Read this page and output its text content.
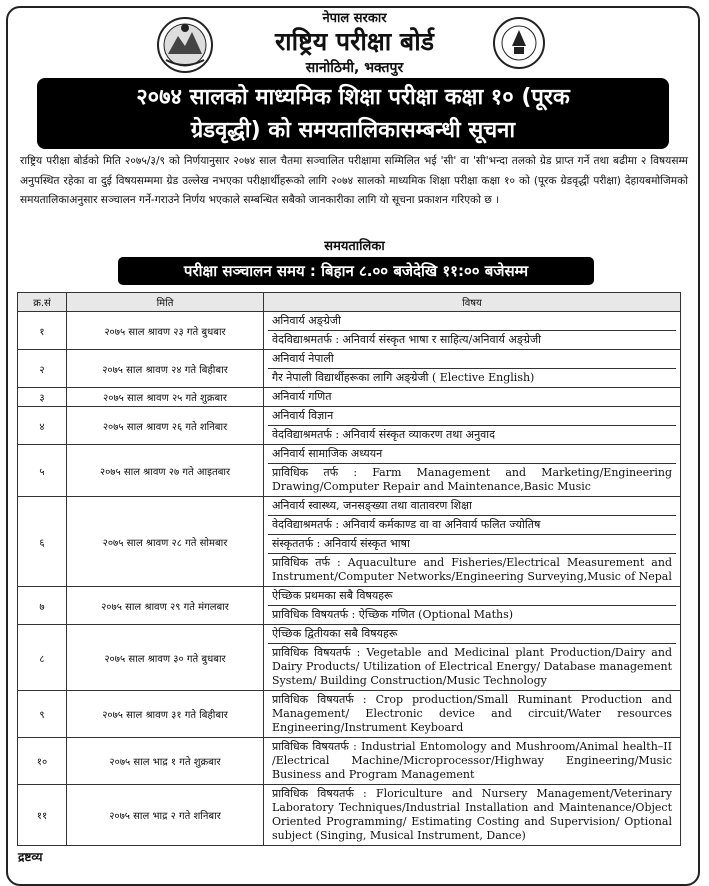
नेपाल सरकार
राष्ट्रिय परीक्षा बोर्ड
सानोठिमी, भक्तपुर
२०७४ सालको माध्यमिक शिक्षा परीक्षा कक्षा १० (पूरक
ग्रेडवृद्धी) को समयतालिकासम्बन्धी सूचना
राष्ट्रिय परीक्षा बोर्डको मिति २०७५/३/९ को निर्णयानुसार २०७४ साल चैतमा सञ्चालित परीक्षामा सम्मिलित भई 'सी' वा 'सी'भन्दा तलको ग्रेड प्राप्त गर्ने तथा बढीमा २ विषयसम्म अनुपस्थित रहेका वा दुई विषयसम्ममा ग्रेड उल्लेख नभएका परीक्षार्थीहरूको लागि २०७४ सालको माध्यमिक शिक्षा परीक्षा कक्षा १० को (पूरक ग्रेडवृद्धी परीक्षा) देहायबमोजिमको समयतालिकाअनुसार सञ्चालन गर्ने-गराउने निर्णय भएकाले सम्बन्धित सबैको जानकारीका लागि यो सूचना प्रकाशन गरिएको छ ।
समयतालिका
परीक्षा सञ्चालन समय : बिहान ८.०० बजेदेखि ११:०० बजेसम्म
क्र.सं	मिति	विषय
१	२०७५ साल श्रावण २३ गते बुधबार	अनिवार्य अङ्ग्रेजी
वेदविद्याश्रमतर्फ : अनिवार्य संस्कृत भाषा र साहित्य/अनिवार्य अङ्ग्रेजी

२	२०७५ साल श्रावण २४ गते बिहीबार	अनिवार्य नेपाली
गैर नेपाली विद्यार्थीहरूका लागि अङ्ग्रेजी ( Elective English)

३	२०७५ साल श्रावण २५ गते शुक्रबार	अनिवार्य गणित

४	२०७५ साल श्रावण २६ गते शनिबार	अनिवार्य विज्ञान
वेदविद्याश्रमतर्फ : अनिवार्य संस्कृत व्याकरण तथा अनुवाद

५	२०७५ साल श्रावण २७ गते आइतबार	अनिवार्य सामाजिक अध्ययन
प्राविधिक तर्फ : Farm Management and Marketing/Engineering Drawing/Computer Repair and Maintenance,Basic Music

६	२०७५ साल श्रावण २८ गते सोमबार	अनिवार्य स्वास्थ्य, जनसङ्ख्या तथा वातावरण शिक्षा
वेदविद्याश्रमतर्फ : अनिवार्य कर्मकाण्ड वा वा अनिवार्य फलित ज्योतिष
संस्कृततर्फ : अनिवार्य संस्कृत भाषा
प्राविधिक तर्फ : Aquaculture and Fisheries/Electrical Measurement and Instrument/Computer Networks/Engineering Surveying,Music of Nepal

७	२०७५ साल श्रावण २९ गते मंगलबार	ऐच्छिक प्रथमका सबै विषयहरू
प्राविधिक विषयतर्फ : ऐच्छिक गणित (Optional Maths)

८	२०७५ साल श्रावण ३० गते बुधबार	ऐच्छिक द्वितीयका सबै विषयहरू
प्राविधिक विषयतर्फ : Vegetable and Medicinal plant Production/Dairy and Dairy Products/ Utilization of Electrical Energy/ Database management System/ Building Construction/Music Technology

९	२०७५ साल श्रावण ३१ गते बिहीबार	प्राविधिक विषयतर्फ : Crop production/Small Ruminant Production and Management/ Electronic device and circuit/Water resources Engineering/Instrument Keyboard

१०	२०७५ साल भाद्र १ गते शुक्रबार	प्राविधिक विषयतर्फ : Industrial Entomology and Mushroom/Animal health–II /Electrical Machine/Microprocessor/Highway Engineering/Music Business and Program Management

११	२०७५ साल भाद्र २ गते शनिबार	प्राविधिक विषयतर्फ : Floriculture and Nursery Management/Veterinary Laboratory Techniques/Industrial Installation and Maintenance/Object Oriented Programming/ Estimating Costing and Supervision/ Optional subject (Singing, Musical Instrument, Dance)
द्रष्टव्य
